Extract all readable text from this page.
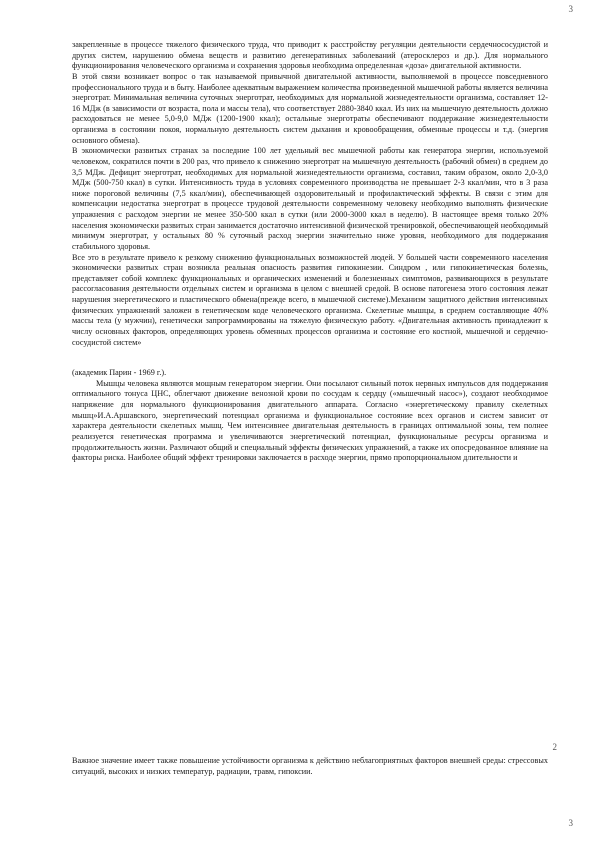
3

закрепленные в процессе тяжелого физического труда, что приводит к расстройству регуляции деятельности сердечнососудистой и других систем, нарушению обмена веществ и развитию дегенеративных заболеваний (атеросклероз и др.). Для нормального функционирования человеческого организма и сохранения здоровья необходима определенная «доза» двигательной активности.

В этой связи возникает вопрос о так называемой привычной двигательной активности, выполняемой в процессе повседневного профессионального труда и в быту. Наиболее адекватным выражением количества произведенной мышечной работы является величина энерготрат. Минимальная величина суточных энерготрат, необходимых для нормальной жизнедеятельности организма, составляет 12-16 МДж (в зависимости от возраста, пола и массы тела), что соответствует 2880-3840 ккал. Из них на мышечную деятельность должно расходоваться не менее 5,0-9,0 МДж (1200-1900 ккал); остальные энерготраты обеспечивают поддержание жизнедеятельности организма в состоянии покоя, нормальную деятельность систем дыхания и кровообращения, обменные процессы и т.д. (энергия основного обмена).

В экономически развитых странах за последние 100 лет удельный вес мышечной работы как генератора энергии, используемой человеком, сократился почти в 200 раз, что привело к снижению энерготрат на мышечную деятельность (рабочий обмен) в среднем до 3,5 МДж. Дефицит энерготрат, необходимых для нормальной жизнедеятельности организма, составил, таким образом, около 2,0-3,0 МДж (500-750 ккал) в сутки. Интенсивность труда в условиях современного производства не превышает 2-3 ккал/мин, что в 3 раза ниже пороговой величины (7,5 ккал/мин), обеспечивающей оздоровительный и профилактический эффекты. В связи с этим для компенсации недостатка энерготрат в процессе трудовой деятельности современному человеку необходимо выполнять физические упражнения с расходом энергии не менее 350-500 ккал в сутки (или 2000-3000 ккал в неделю). В настоящее время только 20% населения экономически развитых стран занимается достаточно интенсивной физической тренировкой, обеспечивающей необходимый минимум энерготрат, у остальных 80 % суточный расход энергии значительно ниже уровня, необходимого для поддержания стабильного здоровья.

Все это в результате привело к резкому снижению функциональных возможностей людей. У большей части современного населения экономически развитых стран возникла реальная опасность развития гипокинезии. Синдром , или гипокинетическая болезнь, представляет собой комплекс функциональных и органических изменений и болезненных симптомов, развивающихся в результате рассогласования деятельности отдельных систем и организма в целом с внешней средой. В основе патогенеза этого состояния лежат нарушения энергетического и пластического обмена(прежде всего, в мышечной системе).Механизм защитного действия интенсивных физических упражнений заложен в генетическом коде человеческого организма. Скелетные мышцы, в среднем составляющие 40% массы тела (у мужчин), генетически запрограммированы на тяжелую физическую работу. «Двигательная активность принадлежит к числу основных факторов, определяющих уровень обменных процессов организма и состояние его костной, мышечной и сердечно-сосудистой систем»

(академик Парин - 1969 г.).

Мышцы человека являются мощным генератором энергии. Они посылают сильный поток нервных импульсов для поддержания оптимального тонуса ЦНС, облегчают движение венозной крови по сосудам к сердцу («мышечный насос»), создают необходимое напряжение для нормального функционирования двигательного аппарата. Согласно «энергетическому правилу скелетных мышц»И.А.Аршавского, энергетический потенциал организма и функциональное состояние всех органов и систем зависит от характера деятельности скелетных мышц. Чем интенсивнее двигательная деятельность в границах оптимальной зоны, тем полнее реализуется генетическая программа и увеличиваются энергетический потенциал, функциональные ресурсы организма и продолжительность жизни. Различают общий и специальный эффекты физических упражнений, а также их опосредованное влияние на факторы риска. Наиболее общий эффект тренировки заключается в расходе энергии, прямо пропорциональном длительности и

2

Важное значение имеет также повышение устойчивости организма к действию неблагоприятных факторов внешней среды: стрессовых ситуаций, высоких и низких температур, радиации, травм, гипоксии.

3
